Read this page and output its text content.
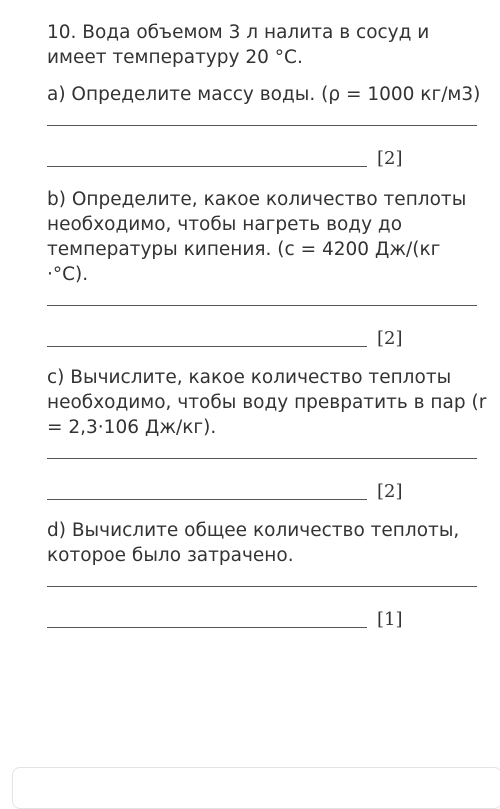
10. Вода объемом 3 л налита в сосуд и имеет температуру 20 °С.

a) Определите массу воды. (ρ = 1000 кг/м3)

[2]

b) Определите, какое количество теплоты необходимо, чтобы нагреть воду до температуры кипения. (c = 4200 Дж/(кг ·°С).

[2]

c) Вычислите, какое количество теплоты необходимо, чтобы воду превратить в пар (r = 2,3·106 Дж/кг).

[2]

d) Вычислите общее количество теплоты, которое было затрачено.

[1]
